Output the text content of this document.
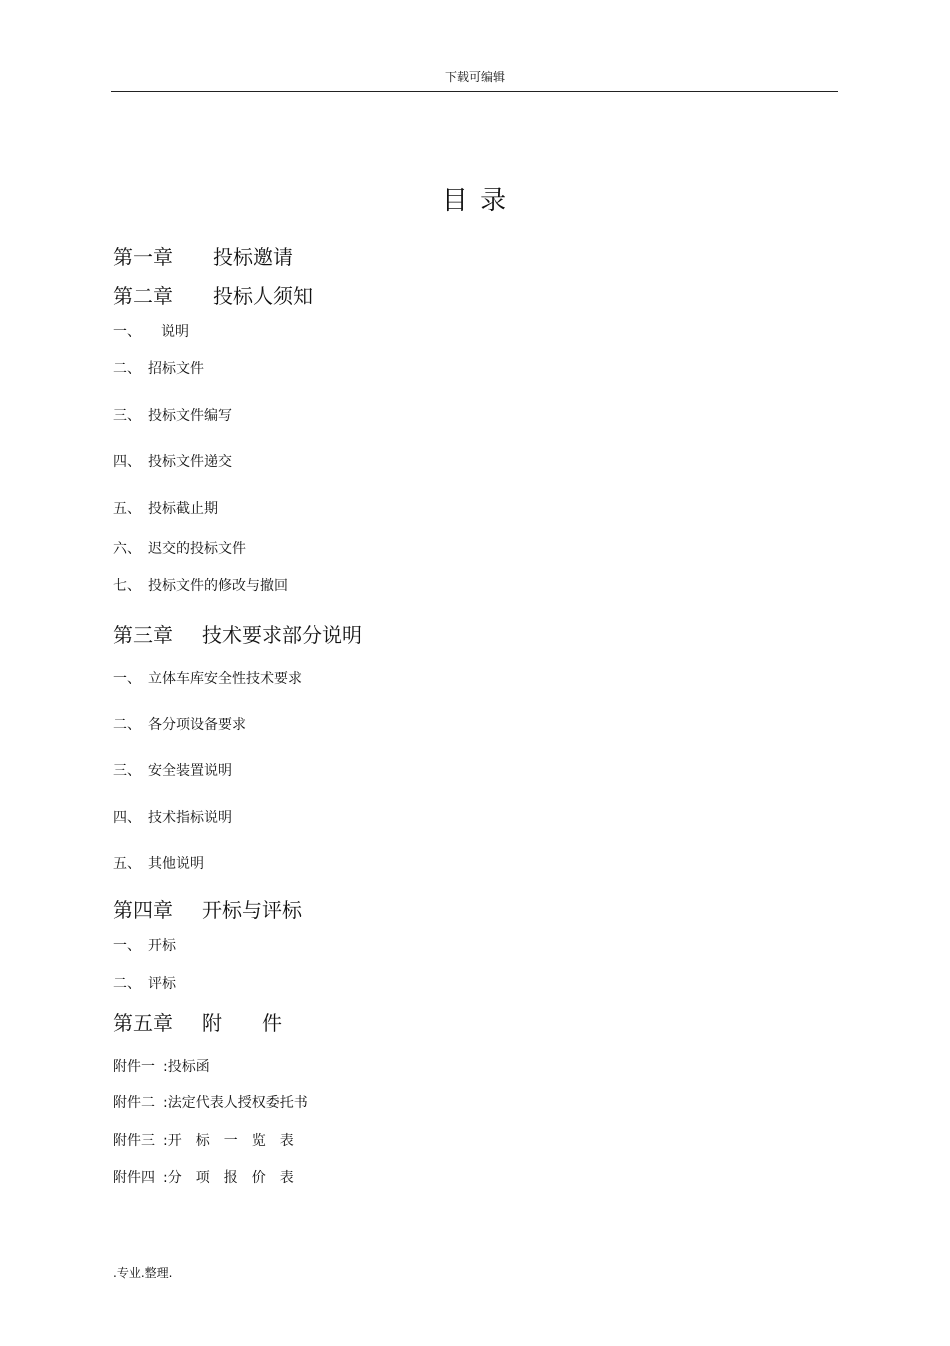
下载可编辑
目 录
第一章 投标邀请
第二章 投标人须知
一、 说明
二、 招标文件
三、 投标文件编写
四、 投标文件递交
五、 投标截止期
六、 迟交的投标文件
七、 投标文件的修改与撤回
第三章 技术要求部分说明
一、 立体车库安全性技术要求
二、 各分项设备要求
三、 安全装置说明
四、 技术指标说明
五、 其他说明
第四章 开标与评标
一、 开标
二、 评标
第五章 附　　件
附件一 :投标函
附件二 :法定代表人授权委托书
附件三 :开　标　一　览　表
附件四 :分　项　报　价　表
.专业.整理.
